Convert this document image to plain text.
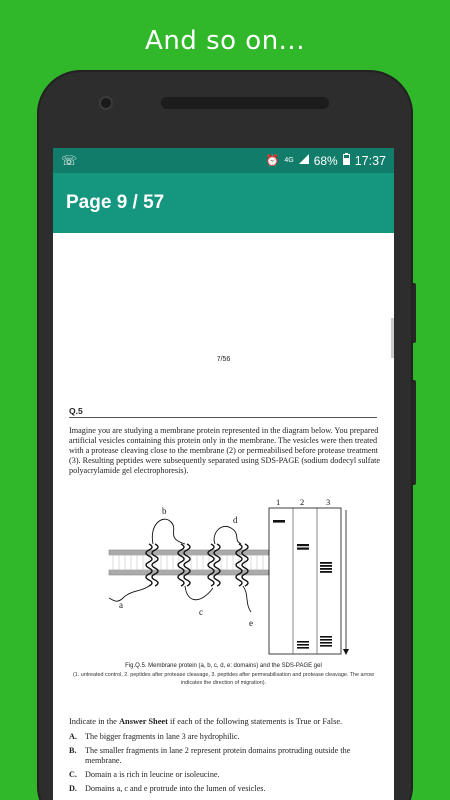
And so on...
☏	⏰ 4G 68% 17:37
Page 9 / 57
7/56
Q.5
Imagine you are studying a membrane protein represented in the diagram below. You prepared artificial vesicles containing this protein only in the membrane. The vesicles were then treated with a protease cleaving close to the membrane (2) or permeabilised before protease treatment (3). Resulting peptides were subsequently separated using SDS-PAGE (sodium dodecyl sulfate polyacrylamide gel electrophoresis).
a
b
c
d
e
1 2	3
Fig.Q.5. Membrane protein (a, b, c, d, e: domains) and the SDS-PAGE gel
(1. untreated control, 2. peptides after protease cleavage, 3. peptides after permeabilisation and protease cleavage. The arrow indicates the direction of migration).
Indicate in the Answer Sheet if each of the following statements is True or False.
A. The bigger fragments in lane 3 are hydrophilic.
B.	The smaller fragments in lane 2 represent protein domains protruding outside the membrane.
C. Domain a is rich in leucine or isoleucine.
D. Domains a, c and e protrude into the lumen of vesicles.
